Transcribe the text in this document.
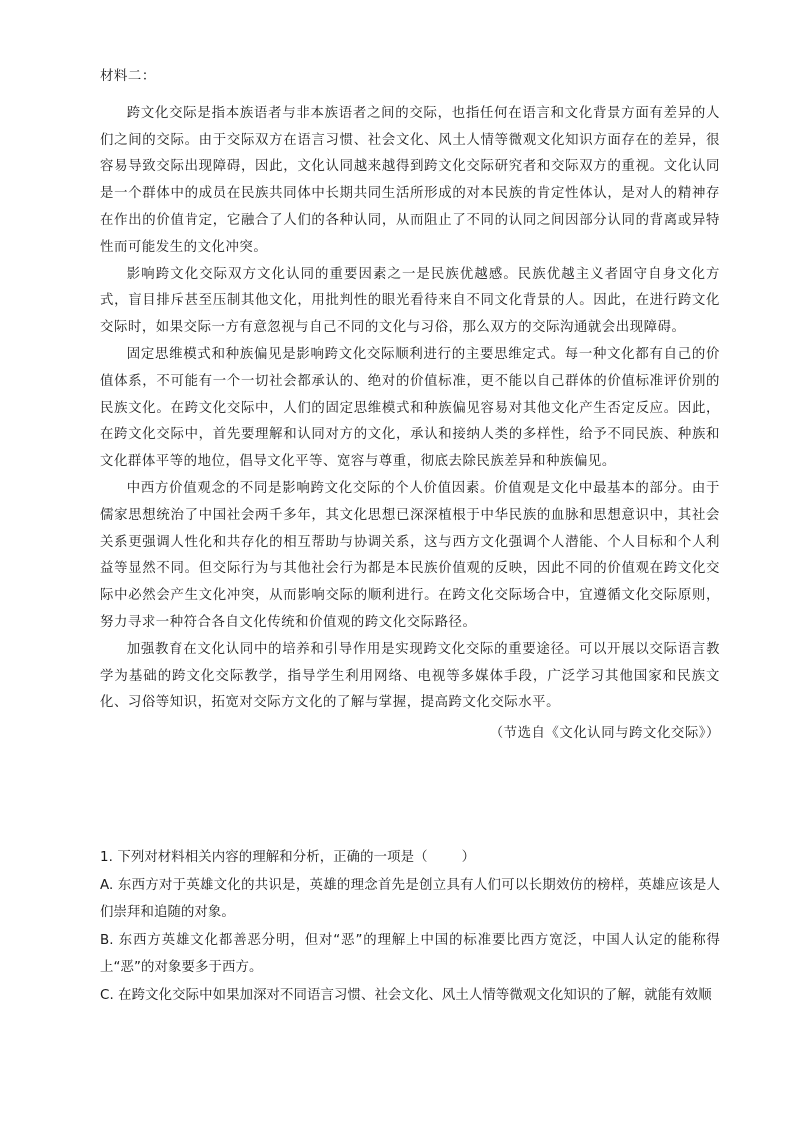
材料二：

跨文化交际是指本族语者与非本族语者之间的交际，也指任何在语言和文化背景方面有差异的人们之间的交际。由于交际双方在语言习惯、社会文化、风土人情等微观文化知识方面存在的差异，很容易导致交际出现障碍，因此，文化认同越来越得到跨文化交际研究者和交际双方的重视。文化认同是一个群体中的成员在民族共同体中长期共同生活所形成的对本民族的肯定性体认，是对人的精神存在作出的价值肯定，它融合了人们的各种认同，从而阻止了不同的认同之间因部分认同的背离或异特性而可能发生的文化冲突。

影响跨文化交际双方文化认同的重要因素之一是民族优越感。民族优越主义者固守自身文化方式，盲目排斥甚至压制其他文化，用批判性的眼光看待来自不同文化背景的人。因此，在进行跨文化交际时，如果交际一方有意忽视与自己不同的文化与习俗，那么双方的交际沟通就会出现障碍。

固定思维模式和种族偏见是影响跨文化交际顺利进行的主要思维定式。每一种文化都有自己的价值体系，不可能有一个一切社会都承认的、绝对的价值标准，更不能以自己群体的价值标准评价别的民族文化。在跨文化交际中，人们的固定思维模式和种族偏见容易对其他文化产生否定反应。因此，在跨文化交际中，首先要理解和认同对方的文化，承认和接纳人类的多样性，给予不同民族、种族和文化群体平等的地位，倡导文化平等、宽容与尊重，彻底去除民族差异和种族偏见。

中西方价值观念的不同是影响跨文化交际的个人价值因素。价值观是文化中最基本的部分。由于儒家思想统治了中国社会两千多年，其文化思想已深深植根于中华民族的血脉和思想意识中，其社会关系更强调人性化和共存化的相互帮助与协调关系，这与西方文化强调个人潜能、个人目标和个人利益等显然不同。但交际行为与其他社会行为都是本民族价值观的反映，因此不同的价值观在跨文化交际中必然会产生文化冲突，从而影响交际的顺利进行。在跨文化交际场合中，宜遵循文化交际原则，努力寻求一种符合各自文化传统和价值观的跨文化交际路径。

加强教育在文化认同中的培养和引导作用是实现跨文化交际的重要途径。可以开展以交际语言教学为基础的跨文化交际教学，指导学生利用网络、电视等多媒体手段，广泛学习其他国家和民族文化、习俗等知识，拓宽对交际方文化的了解与掌握，提高跨文化交际水平。

（节选自《文化认同与跨文化交际》）

1. 下列对材料相关内容的理解和分析，正确的一项是（	）

A. 东西方对于英雄文化的共识是，英雄的理念首先是创立具有人们可以长期效仿的榜样，英雄应该是人们崇拜和追随的对象。

B. 东西方英雄文化都善恶分明，但对“恶”的理解上中国的标准要比西方宽泛，中国人认定的能称得上“恶”的对象要多于西方。

C. 在跨文化交际中如果加深对不同语言习惯、社会文化、风土人情等微观文化知识的了解，就能有效顺
